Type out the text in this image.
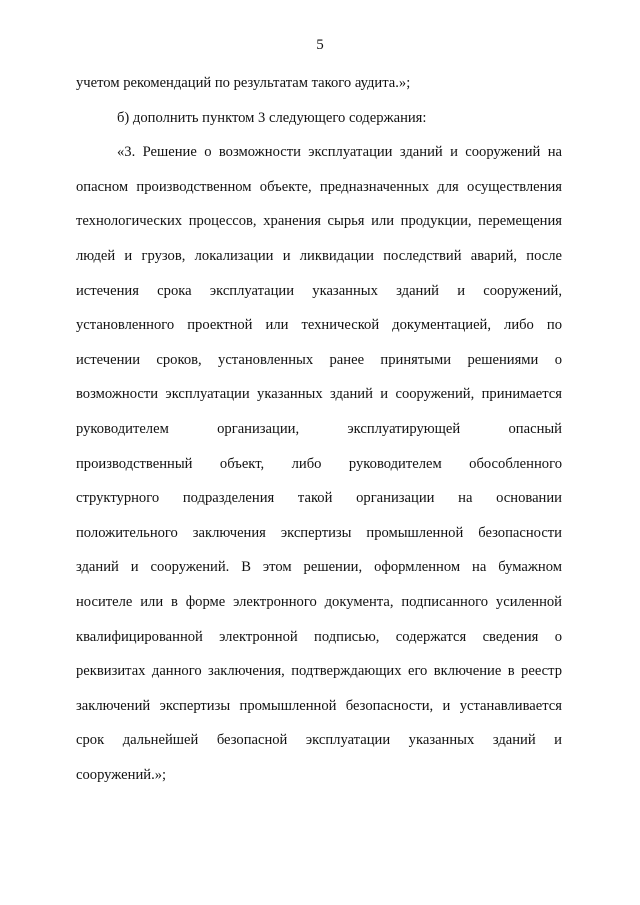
5
учетом рекомендаций по результатам такого аудита.»;
б) дополнить пунктом 3 следующего содержания:
«3. Решение о возможности эксплуатации зданий и сооружений на
опасном производственном объекте, предназначенных для осуществления
технологических процессов, хранения сырья или продукции, перемещения
людей и грузов, локализации и ликвидации последствий аварий, после
истечения срока эксплуатации указанных зданий и сооружений,
установленного проектной или технической документацией, либо по
истечении сроков, установленных ранее принятыми решениями о
возможности эксплуатации указанных зданий и сооружений, принимается
руководителем организации, эксплуатирующей опасный
производственный объект, либо руководителем обособленного
структурного подразделения такой организации на основании
положительного заключения экспертизы промышленной безопасности
зданий и сооружений. В этом решении, оформленном на бумажном
носителе или в форме электронного документа, подписанного усиленной
квалифицированной электронной подписью, содержатся сведения о
реквизитах данного заключения, подтверждающих его включение в реестр
заключений экспертизы промышленной безопасности, и устанавливается
срок дальнейшей безопасной эксплуатации указанных зданий и
сооружений.»;
